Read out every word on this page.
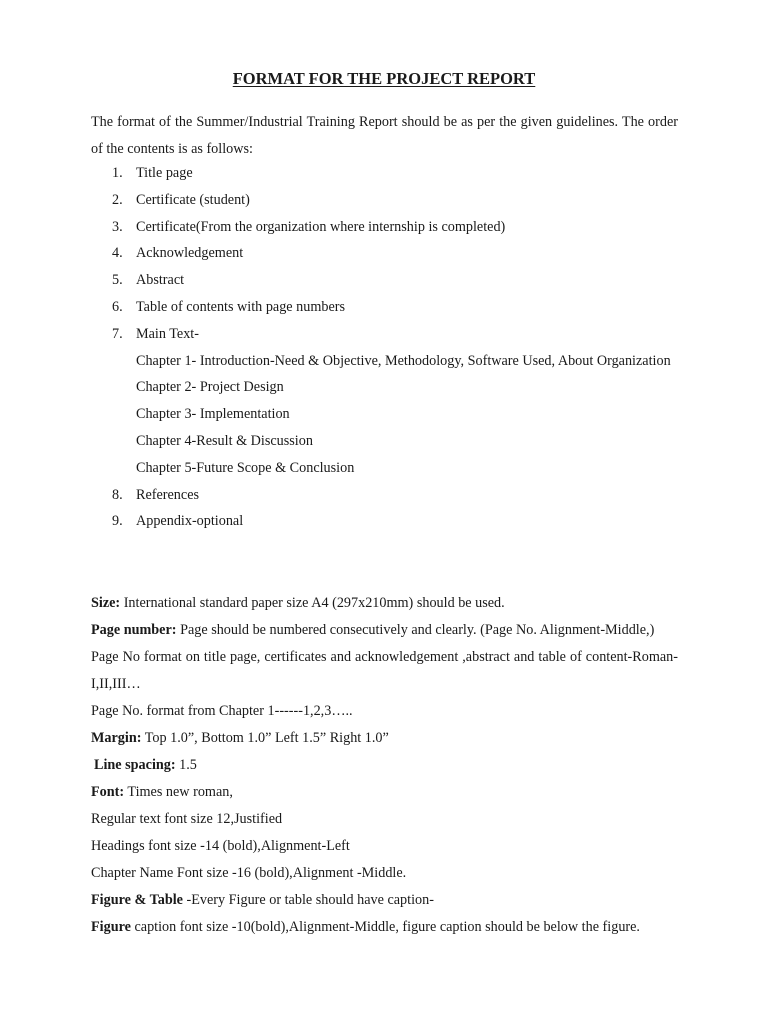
FORMAT FOR THE PROJECT REPORT

The format of the Summer/Industrial Training Report should be as per the given guidelines. The order of the contents is as follows:

1. Title page
2. Certificate (student)
3. Certificate(From the organization where internship is completed)
4. Acknowledgement
5. Abstract
6. Table of contents with page numbers
7. Main Text-
Chapter 1- Introduction-Need & Objective, Methodology, Software Used, About Organization
Chapter 2- Project Design
Chapter 3- Implementation
Chapter 4-Result & Discussion
Chapter 5-Future Scope & Conclusion
8. References
9. Appendix-optional

Size: International standard paper size A4 (297x210mm) should be used.

Page number: Page should be numbered consecutively and clearly. (Page No. Alignment-Middle,)

Page No format on title page, certificates and acknowledgement ,abstract and table of content-Roman-I,II,III…

Page No. format from Chapter 1------1,2,3…..

Margin: Top 1.0”, Bottom 1.0” Left 1.5” Right 1.0”

Line spacing: 1.5

Font: Times new roman,

Regular text font size 12,Justified

Headings font size -14 (bold),Alignment-Left

Chapter Name Font size -16 (bold),Alignment -Middle.

Figure & Table -Every Figure or table should have caption-

Figure caption font size -10(bold),Alignment-Middle, figure caption should be below the figure.
